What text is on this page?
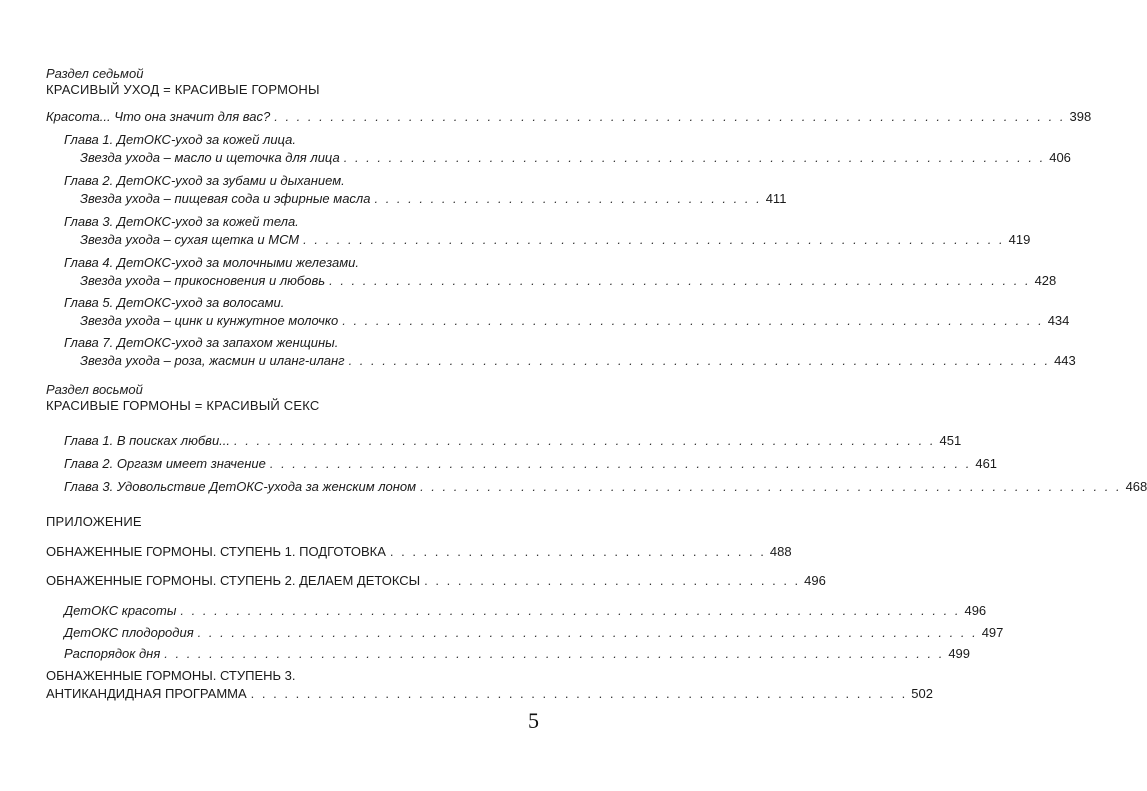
Раздел седьмой
КРАСИВЫЙ УХОД = КРАСИВЫЕ ГОРМОНЫ
Красота... Что она значит для вас? . . . . . . . . . . . . . . . . . . . . . . . . . . . . . . . . . . . . . . . . . . . . . . . . . . . . . . . . . . . . . . . . . . . . . . . 398
Глава 1. ДетОКС-уход за кожей лица.
Звезда ухода – масло и щеточка для лица . . . . . . . . . . . . . . . . . . . . . . . . . . . . . . . . . . . . . . . . . . . . . . . . . . . . . . . . . . . . . . . 406
Глава 2. ДетОКС-уход за зубами и дыханием.
Звезда ухода – пищевая сода и эфирные масла . . . . . . . . . . . . . . . . . . . . . . . . . . . . . . . . . . . 411
Глава 3. ДетОКС-уход за кожей тела.
Звезда ухода – сухая щетка и МСМ . . . . . . . . . . . . . . . . . . . . . . . . . . . . . . . . . . . . . . . . . . . . . . . . . . . . . . . . . . . . . . . 419
Глава 4. ДетОКС-уход за молочными железами.
Звезда ухода – прикосновения и любовь . . . . . . . . . . . . . . . . . . . . . . . . . . . . . . . . . . . . . . . . . . . . . . . . . . . . . . . . . . . . . . . 428
Глава 5. ДетОКС-уход за волосами.
Звезда ухода – цинк и кунжутное молочко . . . . . . . . . . . . . . . . . . . . . . . . . . . . . . . . . . . . . . . . . . . . . . . . . . . . . . . . . . . . . . . 434
Глава 7. ДетОКС-уход за запахом женщины.
Звезда ухода – роза, жасмин и иланг-иланг . . . . . . . . . . . . . . . . . . . . . . . . . . . . . . . . . . . . . . . . . . . . . . . . . . . . . . . . . . . . . . . 443
Раздел восьмой
КРАСИВЫЕ ГОРМОНЫ = КРАСИВЫЙ СЕКС
Глава 1. В поисках любви... . . . . . . . . . . . . . . . . . . . . . . . . . . . . . . . . . . . . . . . . . . . . . . . . . . . . . . . . . . . . . . . 451
Глава 2. Оргазм имеет значение . . . . . . . . . . . . . . . . . . . . . . . . . . . . . . . . . . . . . . . . . . . . . . . . . . . . . . . . . . . . . . . 461
Глава 3. Удовольствие ДетОКС-ухода за женским лоном . . . . . . . . . . . . . . . . . . . . . . . . . . . . . . . . . . . . . . . . . . . . . . . . . . . . . . . . . . . . . . . 468
ПРИЛОЖЕНИЕ
ОБНАЖЕННЫЕ ГОРМОНЫ. СТУПЕНЬ 1. ПОДГОТОВКА . . . . . . . . . . . . . . . . . . . . . . . . . . . . . . . . . . 488
ОБНАЖЕННЫЕ ГОРМОНЫ. СТУПЕНЬ 2. ДЕЛАЕМ ДЕТОКСЫ . . . . . . . . . . . . . . . . . . . . . . . . . . . . . . . . . . 496
ДетОКС красоты . . . . . . . . . . . . . . . . . . . . . . . . . . . . . . . . . . . . . . . . . . . . . . . . . . . . . . . . . . . . . . . . . . . . . . 496
ДетОКС плодородия . . . . . . . . . . . . . . . . . . . . . . . . . . . . . . . . . . . . . . . . . . . . . . . . . . . . . . . . . . . . . . . . . . . . . . 497
Распорядок дня . . . . . . . . . . . . . . . . . . . . . . . . . . . . . . . . . . . . . . . . . . . . . . . . . . . . . . . . . . . . . . . . . . . . . . 499
ОБНАЖЕННЫЕ ГОРМОНЫ. СТУПЕНЬ 3.
АНТИКАНДИДНАЯ ПРОГРАММА . . . . . . . . . . . . . . . . . . . . . . . . . . . . . . . . . . . . . . . . . . . . . . . . . . . . . . . . . . . 502
5
